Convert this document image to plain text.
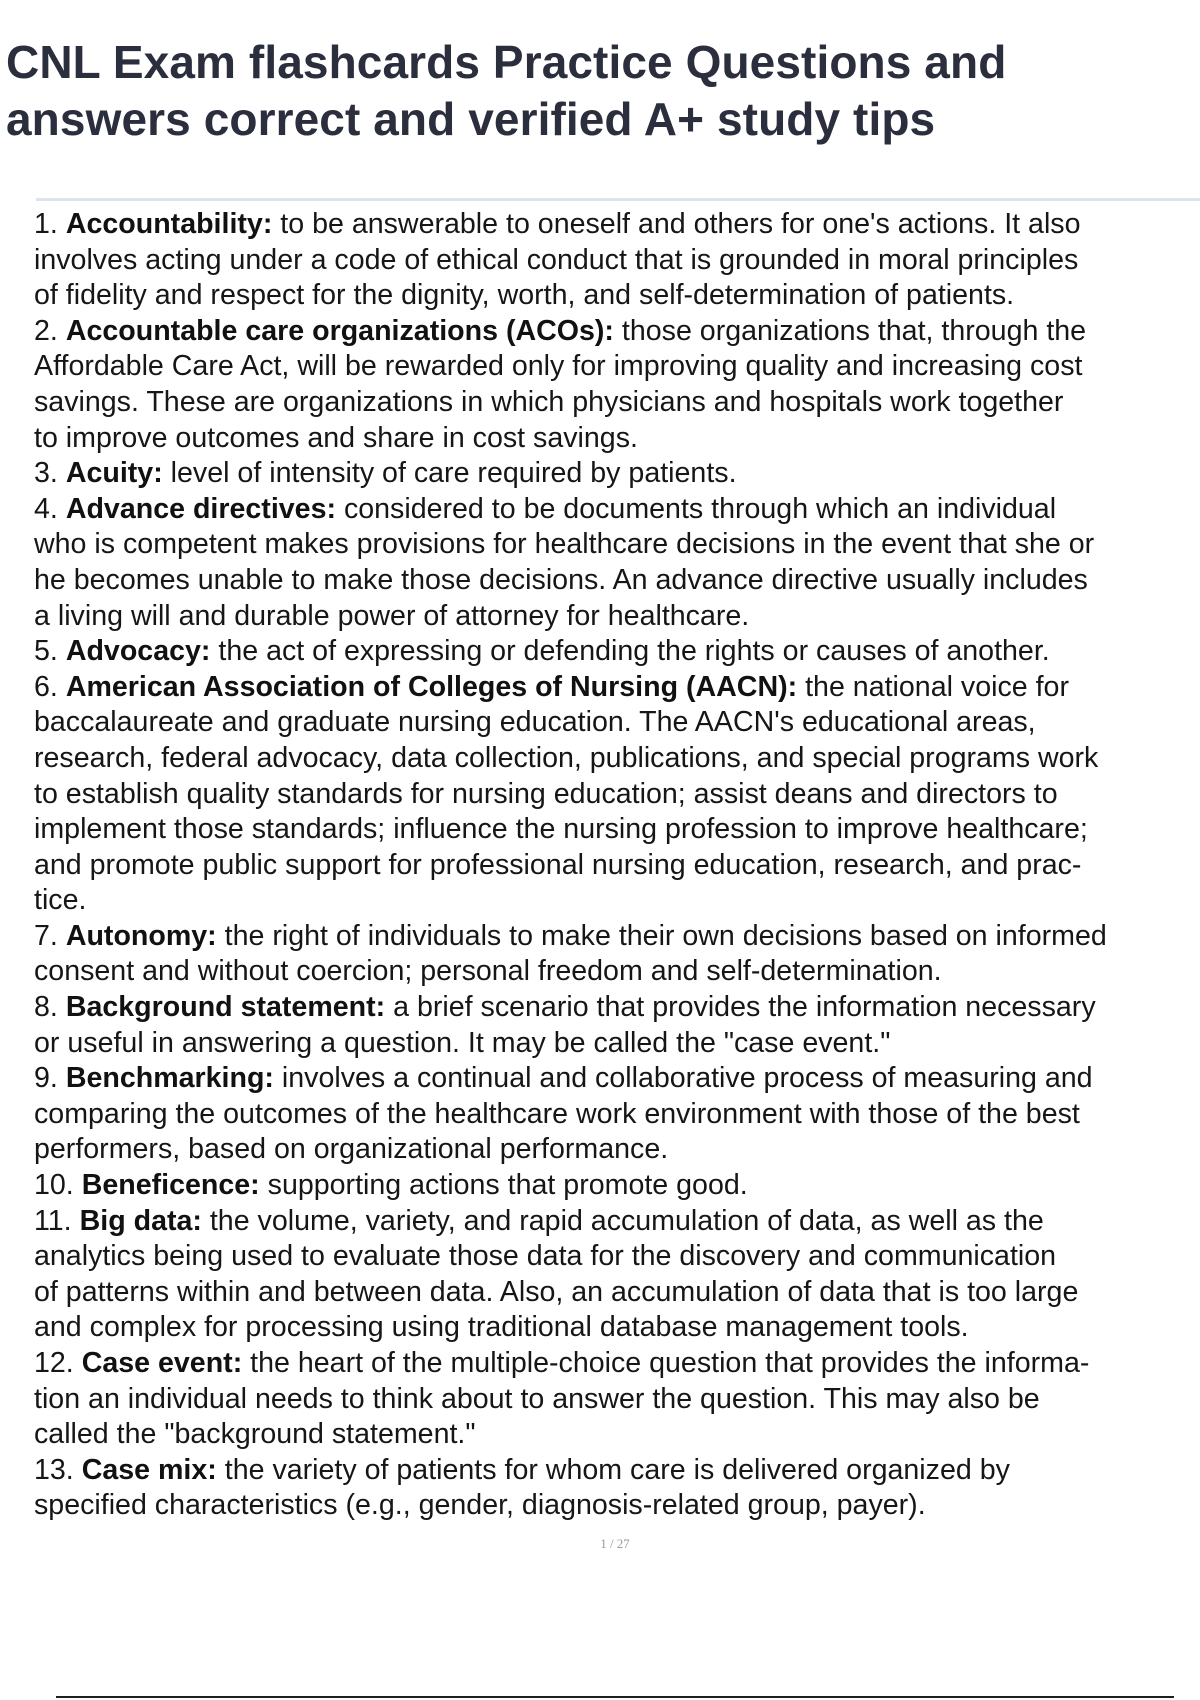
CNL Exam flashcards Practice Questions and
answers correct and verified A+ study tips
1. Accountability: to be answerable to oneself and others for one's actions. It also
involves acting under a code of ethical conduct that is grounded in moral principles
of fidelity and respect for the dignity, worth, and self-determination of patients.
2. Accountable care organizations (ACOs): those organizations that, through the
Affordable Care Act, will be rewarded only for improving quality and increasing cost
savings. These are organizations in which physicians and hospitals work together
to improve outcomes and share in cost savings.
3. Acuity: level of intensity of care required by patients.
4. Advance directives: considered to be documents through which an individual
who is competent makes provisions for healthcare decisions in the event that she or
he becomes unable to make those decisions. An advance directive usually includes
a living will and durable power of attorney for healthcare.
5. Advocacy: the act of expressing or defending the rights or causes of another.
6. American Association of Colleges of Nursing (AACN): the national voice for
baccalaureate and graduate nursing education. The AACN's educational areas,
research, federal advocacy, data collection, publications, and special programs work
to establish quality standards for nursing education; assist deans and directors to
implement those standards; influence the nursing profession to improve healthcare;
and promote public support for professional nursing education, research, and prac-
tice.
7. Autonomy: the right of individuals to make their own decisions based on informed
consent and without coercion; personal freedom and self-determination.
8. Background statement: a brief scenario that provides the information necessary
or useful in answering a question. It may be called the "case event."
9. Benchmarking: involves a continual and collaborative process of measuring and
comparing the outcomes of the healthcare work environment with those of the best
performers, based on organizational performance.
10. Beneficence: supporting actions that promote good.
11. Big data: the volume, variety, and rapid accumulation of data, as well as the
analytics being used to evaluate those data for the discovery and communication
of patterns within and between data. Also, an accumulation of data that is too large
and complex for processing using traditional database management tools.
12. Case event: the heart of the multiple-choice question that provides the informa-
tion an individual needs to think about to answer the question. This may also be
called the "background statement."
13. Case mix: the variety of patients for whom care is delivered organized by
specified characteristics (e.g., gender, diagnosis-related group, payer).
1 / 27
